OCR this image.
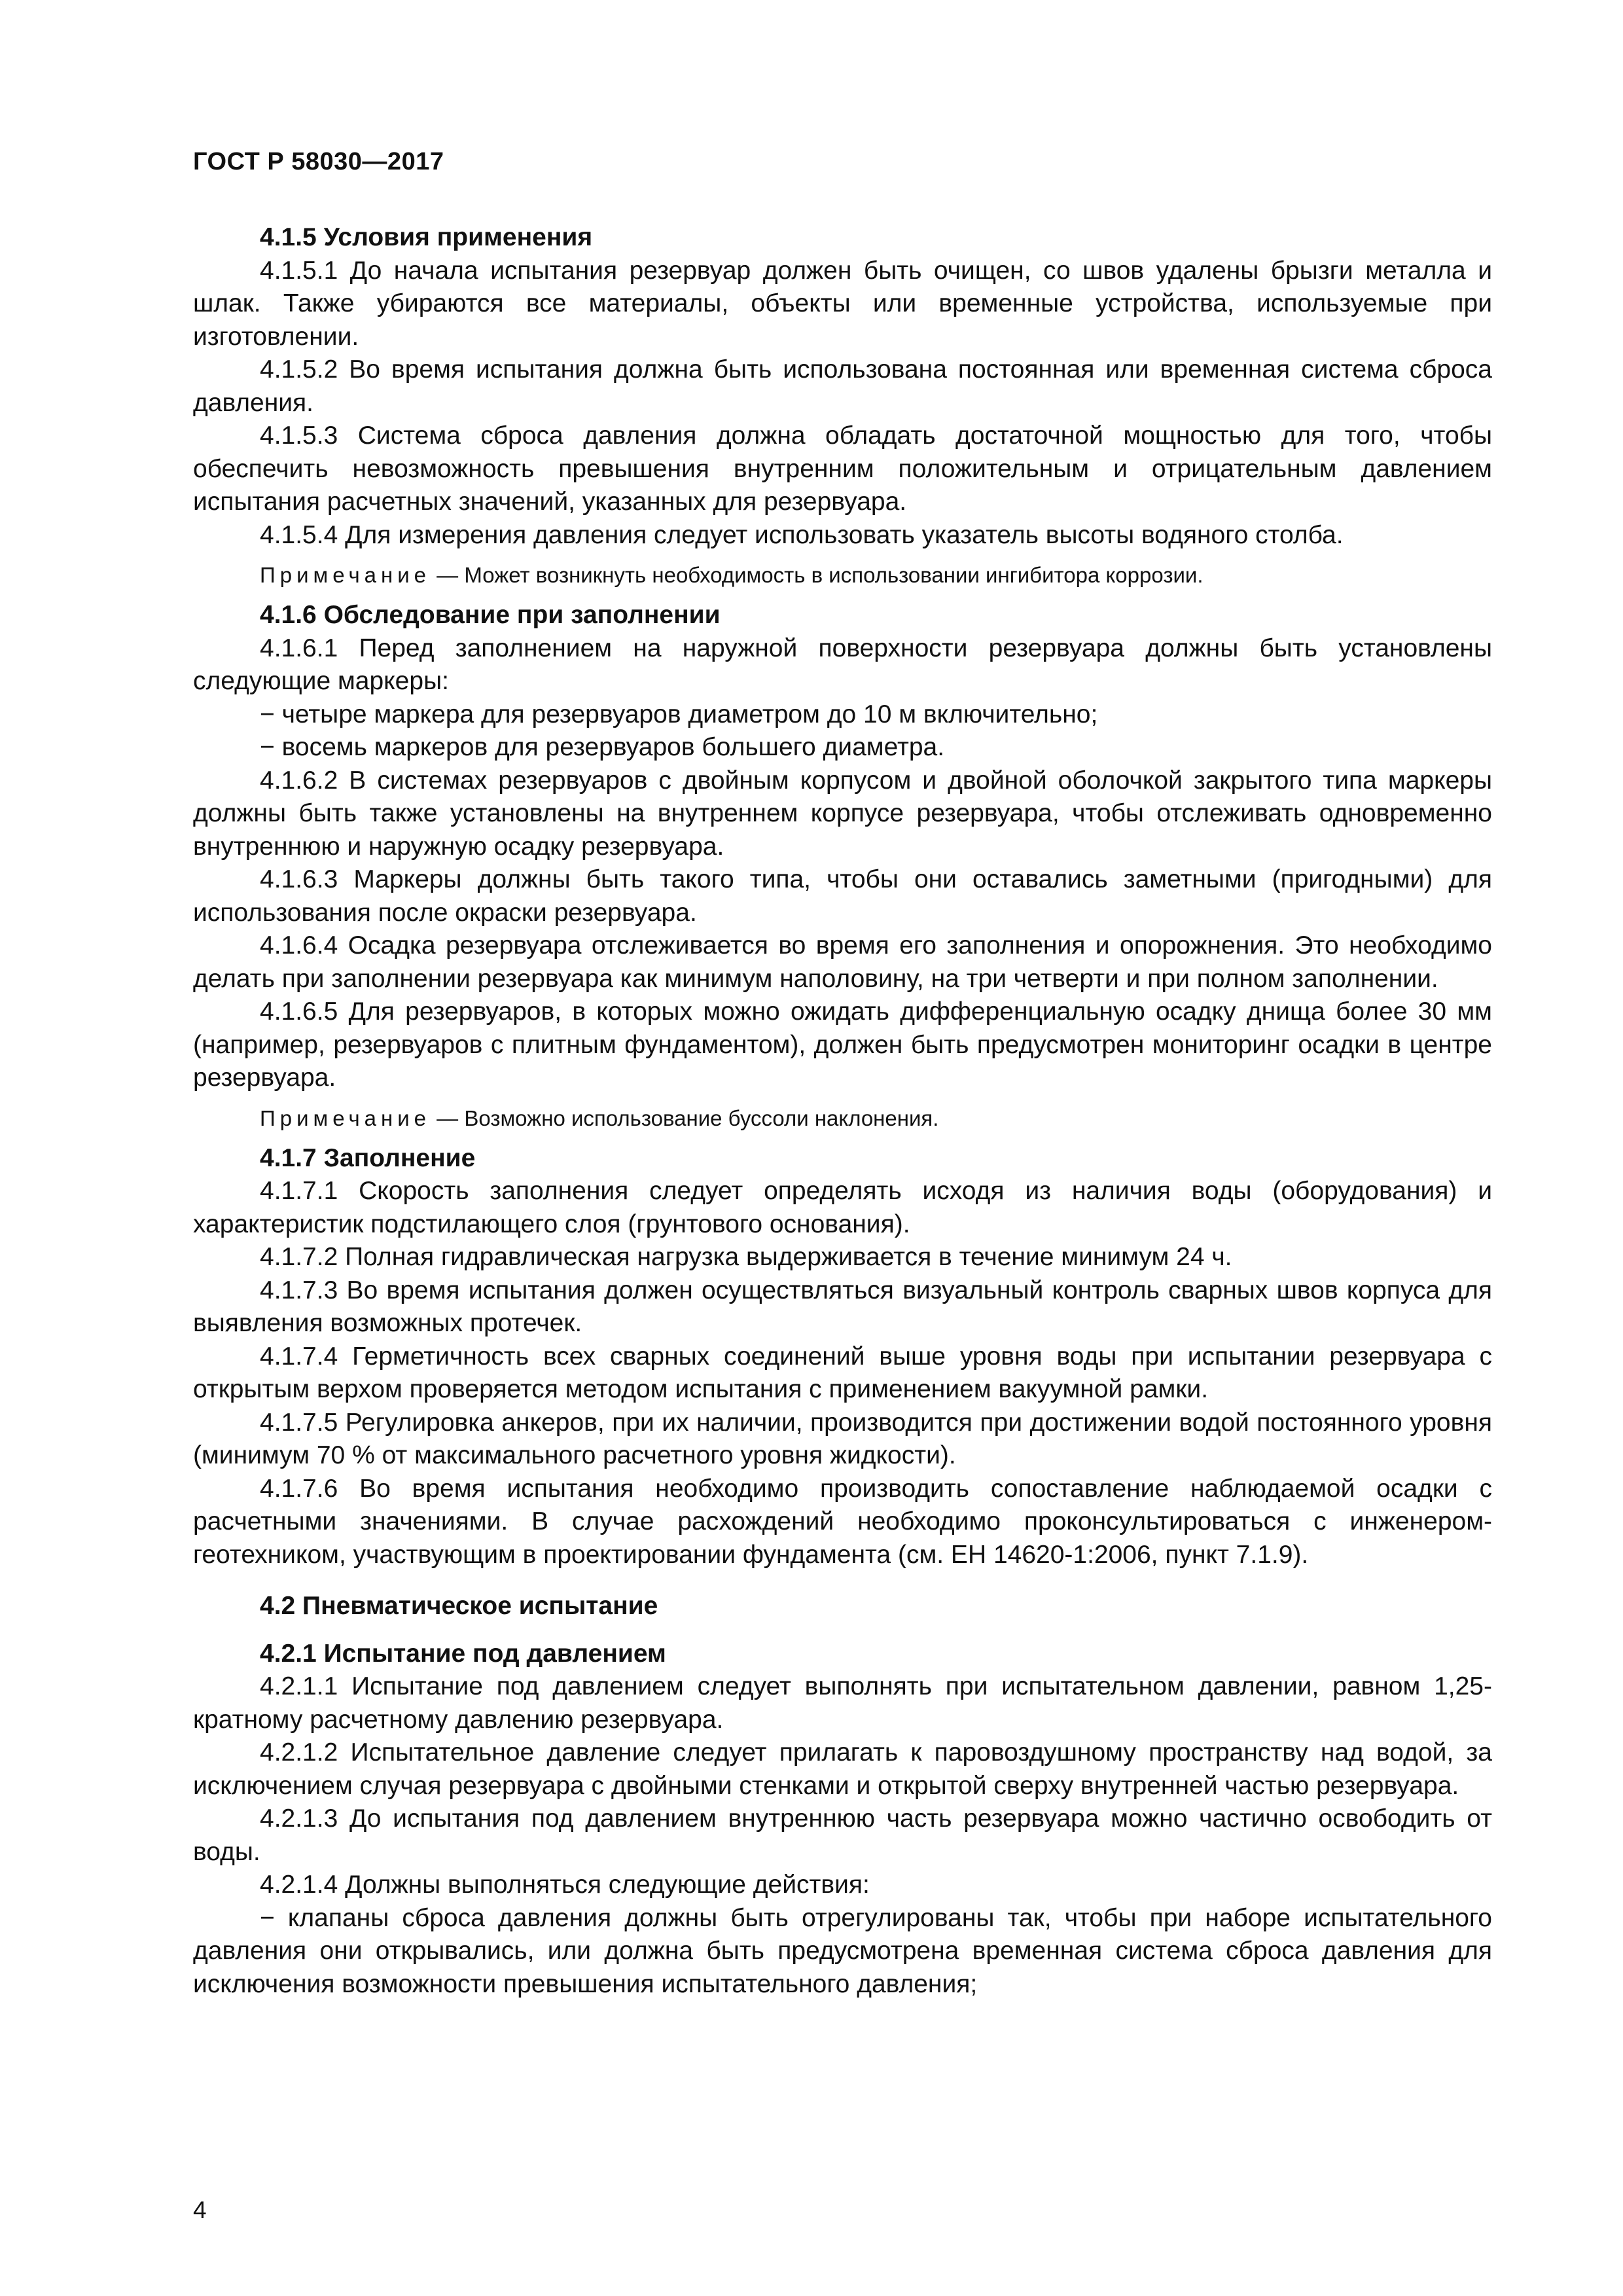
ГОСТ Р 58030—2017
4.1.5 Условия применения

4.1.5.1 До начала испытания резервуар должен быть очищен, со швов удалены брызги металла и шлак. Также убираются все материалы, объекты или временные устройства, используемые при изготовлении.

4.1.5.2 Во время испытания должна быть использована постоянная или временная система сброса давления.

4.1.5.3 Система сброса давления должна обладать достаточной мощностью для того, чтобы обеспечить невозможность превышения внутренним положительным и отрицательным давлением испытания расчетных значений, указанных для резервуара.

4.1.5.4 Для измерения давления следует использовать указатель высоты водяного столба.

Примечание — Может возникнуть необходимость в использовании ингибитора коррозии.
4.1.6 Обследование при заполнении

4.1.6.1 Перед заполнением на наружной поверхности резервуара должны быть установлены следующие маркеры:

− четыре маркера для резервуаров диаметром до 10 м включительно;

− восемь маркеров для резервуаров большего диаметра.

4.1.6.2 В системах резервуаров с двойным корпусом и двойной оболочкой закрытого типа маркеры должны быть также установлены на внутреннем корпусе резервуара, чтобы отслеживать одновременно внутреннюю и наружную осадку резервуара.

4.1.6.3 Маркеры должны быть такого типа, чтобы они оставались заметными (пригодными) для использования после окраски резервуара.

4.1.6.4 Осадка резервуара отслеживается во время его заполнения и опорожнения. Это необходимо делать при заполнении резервуара как минимум наполовину, на три четверти и при полном заполнении.

4.1.6.5 Для резервуаров, в которых можно ожидать дифференциальную осадку днища более 30 мм (например, резервуаров с плитным фундаментом), должен быть предусмотрен мониторинг осадки в центре резервуара.

Примечание — Возможно использование буссоли наклонения.
4.1.7 Заполнение

4.1.7.1 Скорость заполнения следует определять исходя из наличия воды (оборудования) и характеристик подстилающего слоя (грунтового основания).

4.1.7.2 Полная гидравлическая нагрузка выдерживается в течение минимум 24 ч.

4.1.7.3 Во время испытания должен осуществляться визуальный контроль сварных швов корпуса для выявления возможных протечек.

4.1.7.4 Герметичность всех сварных соединений выше уровня воды при испытании резервуара с открытым верхом проверяется методом испытания с применением вакуумной рамки.

4.1.7.5 Регулировка анкеров, при их наличии, производится при достижении водой постоянного уровня (минимум 70 % от максимального расчетного уровня жидкости).

4.1.7.6 Во время испытания необходимо производить сопоставление наблюдаемой осадки с расчетными значениями. В случае расхождений необходимо проконсультироваться с инженером-геотехником, участвующим в проектировании фундамента (см. ЕН 14620-1:2006, пункт 7.1.9).

4.2 Пневматическое испытание
4.2.1 Испытание под давлением

4.2.1.1 Испытание под давлением следует выполнять при испытательном давлении, равном 1,25-кратному расчетному давлению резервуара.

4.2.1.2 Испытательное давление следует прилагать к паровоздушному пространству над водой, за исключением случая резервуара с двойными стенками и открытой сверху внутренней частью резервуара.

4.2.1.3 До испытания под давлением внутреннюю часть резервуара можно частично освободить от воды.

4.2.1.4 Должны выполняться следующие действия:

− клапаны сброса давления должны быть отрегулированы так, чтобы при наборе испытательного давления они открывались, или должна быть предусмотрена временная система сброса давления для исключения возможности превышения испытательного давления;

4
